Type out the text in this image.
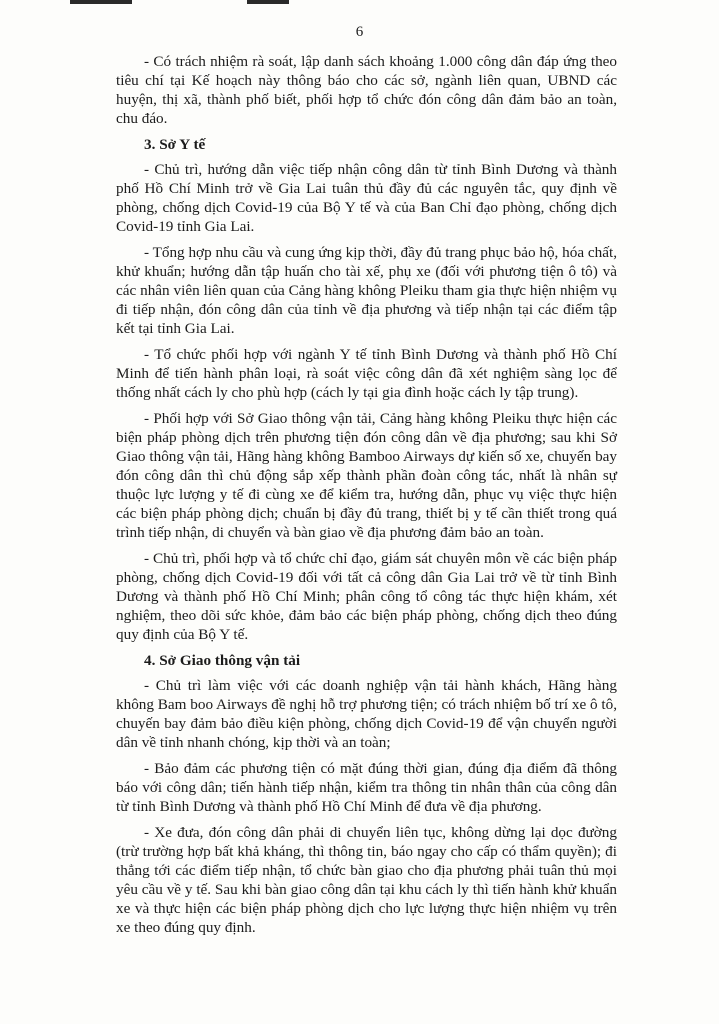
6

- Có trách nhiệm rà soát, lập danh sách khoảng 1.000 công dân đáp ứng theo tiêu chí tại Kế hoạch này thông báo cho các sở, ngành liên quan, UBND các huyện, thị xã, thành phố biết, phối hợp tổ chức đón công dân đảm bảo an toàn, chu đáo.

3. Sở Y tế

- Chủ trì, hướng dẫn việc tiếp nhận công dân từ tỉnh Bình Dương và thành phố Hồ Chí Minh trở về Gia Lai tuân thủ đầy đủ các nguyên tắc, quy định về phòng, chống dịch Covid-19 của Bộ Y tế và của Ban Chỉ đạo phòng, chống dịch Covid-19 tỉnh Gia Lai.

- Tổng hợp nhu cầu và cung ứng kịp thời, đầy đủ trang phục bảo hộ, hóa chất, khử khuẩn; hướng dẫn tập huấn cho tài xế, phụ xe (đối với phương tiện ô tô) và các nhân viên liên quan của Cảng hàng không Pleiku tham gia thực hiện nhiệm vụ đi tiếp nhận, đón công dân của tỉnh về địa phương và tiếp nhận tại các điểm tập kết tại tỉnh Gia Lai.

- Tổ chức phối hợp với ngành Y tế tỉnh Bình Dương và thành phố Hồ Chí Minh để tiến hành phân loại, rà soát việc công dân đã xét nghiệm sàng lọc để thống nhất cách ly cho phù hợp (cách ly tại gia đình hoặc cách ly tập trung).

- Phối hợp với Sở Giao thông vận tải, Cảng hàng không Pleiku thực hiện các biện pháp phòng dịch trên phương tiện đón công dân về địa phương; sau khi Sở Giao thông vận tải, Hãng hàng không Bamboo Airways dự kiến số xe, chuyến bay đón công dân thì chủ động sắp xếp thành phần đoàn công tác, nhất là nhân sự thuộc lực lượng y tế đi cùng xe để kiểm tra, hướng dẫn, phục vụ việc thực hiện các biện pháp phòng dịch; chuẩn bị đầy đủ trang, thiết bị y tế cần thiết trong quá trình tiếp nhận, di chuyển và bàn giao về địa phương đảm bảo an toàn.

- Chủ trì, phối hợp và tổ chức chỉ đạo, giám sát chuyên môn về các biện pháp phòng, chống dịch Covid-19 đối với tất cả công dân Gia Lai trở về từ tỉnh Bình Dương và thành phố Hồ Chí Minh; phân công tổ công tác thực hiện khám, xét nghiệm, theo dõi sức khỏe, đảm bảo các biện pháp phòng, chống dịch theo đúng quy định của Bộ Y tế.

4. Sở Giao thông vận tải

- Chủ trì làm việc với các doanh nghiệp vận tải hành khách, Hãng hàng không Bam boo Airways đề nghị hỗ trợ phương tiện; có trách nhiệm bố trí xe ô tô, chuyến bay đảm bảo điều kiện phòng, chống dịch Covid-19 để vận chuyển người dân về tỉnh nhanh chóng, kịp thời và an toàn;

- Bảo đảm các phương tiện có mặt đúng thời gian, đúng địa điểm đã thông báo với công dân; tiến hành tiếp nhận, kiểm tra thông tin nhân thân của công dân từ tỉnh Bình Dương và thành phố Hồ Chí Minh để đưa về địa phương.

- Xe đưa, đón công dân phải di chuyển liên tục, không dừng lại dọc đường (trừ trường hợp bất khả kháng, thì thông tin, báo ngay cho cấp có thẩm quyền); đi thẳng tới các điểm tiếp nhận, tổ chức bàn giao cho địa phương phải tuân thủ mọi yêu cầu về y tế. Sau khi bàn giao công dân tại khu cách ly thì tiến hành khử khuẩn xe và thực hiện các biện pháp phòng dịch cho lực lượng thực hiện nhiệm vụ trên xe theo đúng quy định.
